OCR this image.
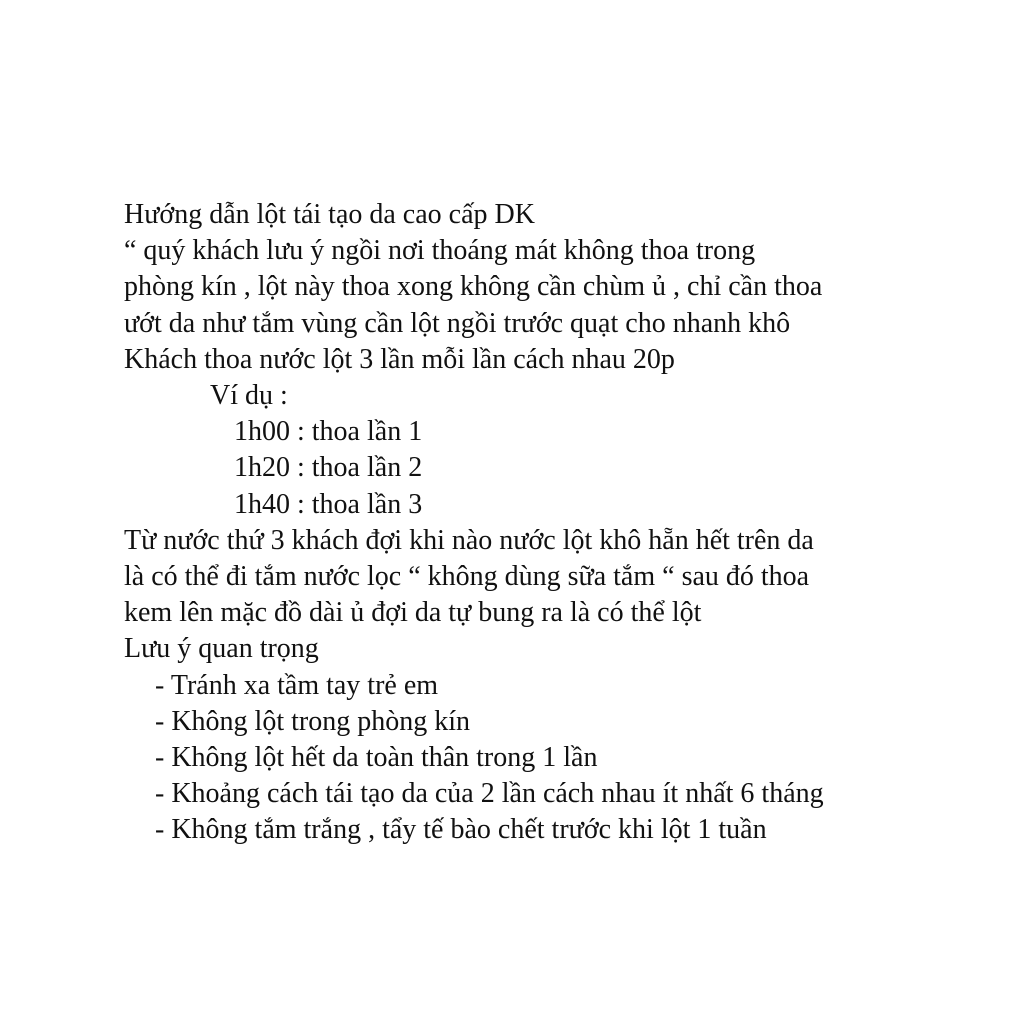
Hướng dẫn lột tái tạo da cao cấp DK
“ quý khách lưu ý ngồi nơi thoáng mát không thoa trong
phòng kín , lột này thoa xong không cần chùm ủ , chỉ cần thoa
ướt da như tắm vùng cần lột ngồi trước quạt cho nhanh khô
Khách thoa nước lột 3 lần mỗi lần cách nhau 20p
Ví dụ :
1h00 : thoa lần 1
1h20 : thoa lần 2
1h40 : thoa lần 3
Từ nước thứ 3 khách đợi khi nào nước lột khô hẵn hết trên da
là có thể đi tắm nước lọc “ không dùng sữa tắm “ sau đó thoa
kem lên mặc đồ dài ủ đợi da tự bung ra là có thể lột
Lưu ý quan trọng
- Tránh xa tầm tay trẻ em
- Không lột trong phòng kín
- Không lột hết da toàn thân trong 1 lần
- Khoảng cách tái tạo da của 2 lần cách nhau ít nhất 6 tháng
- Không tắm trắng , tẩy tế bào chết trước khi lột 1 tuần
